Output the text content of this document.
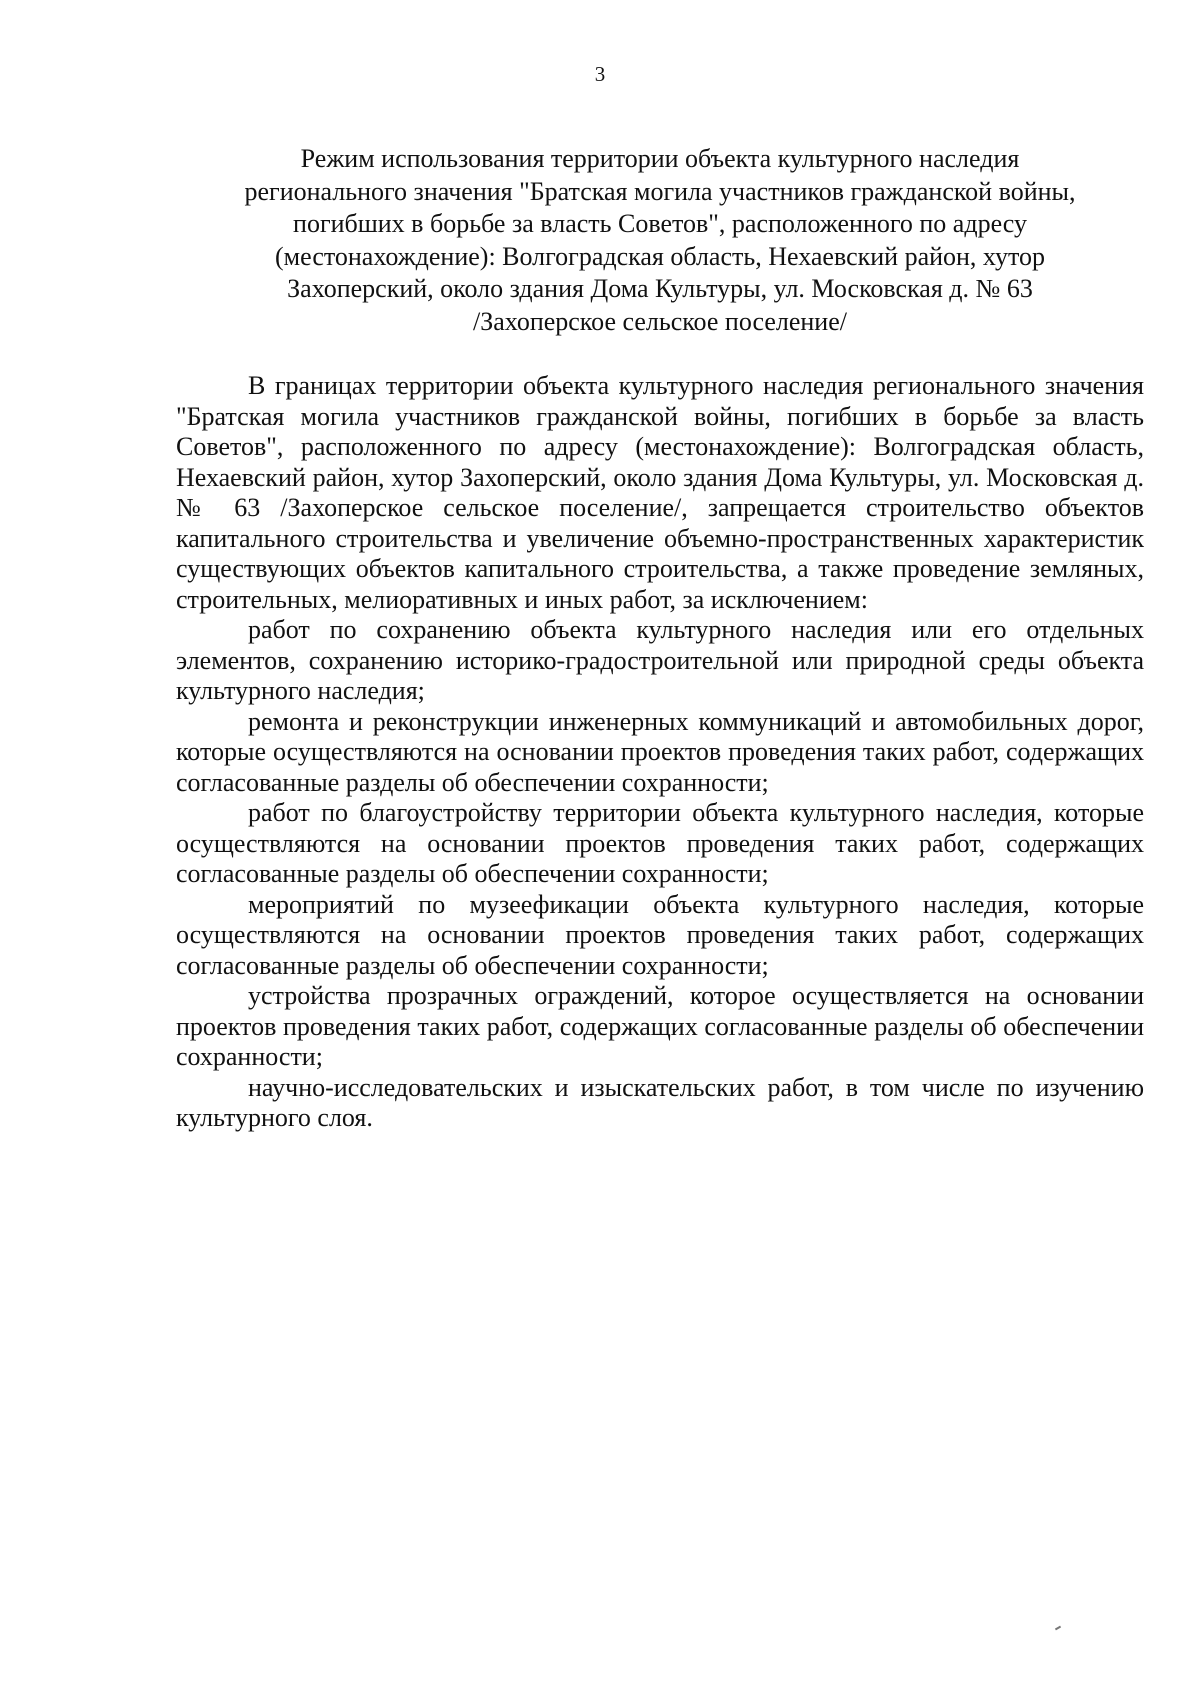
3
Режим использования территории объекта культурного наследия
регионального значения "Братская могила участников гражданской войны,
погибших в борьбе за власть Советов", расположенного по адресу
(местонахождение): Волгоградская область, Нехаевский район, хутор
Захоперский, около здания Дома Культуры, ул. Московская д. № 63
/Захоперское сельское поселение/

В границах территории объекта культурного наследия регионального значения "Братская могила участников гражданской войны, погибших в борьбе за власть Советов", расположенного по адресу (местонахождение): Волгоградская область, Нехаевский район, хутор Захоперский, около здания Дома Культуры, ул. Московская д. № 63 /Захоперское сельское поселение/, запрещается строительство объектов капитального строительства и увеличение объемно-пространственных характеристик существующих объектов капитального строительства, а также проведение земляных, строительных, мелиоративных и иных работ, за исключением:

работ по сохранению объекта культурного наследия или его отдельных элементов, сохранению историко-градостроительной или природной среды объекта культурного наследия;

ремонта и реконструкции инженерных коммуникаций и автомобильных дорог, которые осуществляются на основании проектов проведения таких работ, содержащих согласованные разделы об обеспечении сохранности;

работ по благоустройству территории объекта культурного наследия, которые осуществляются на основании проектов проведения таких работ, содержащих согласованные разделы об обеспечении сохранности;

мероприятий по музеефикации объекта культурного наследия, которые осуществляются на основании проектов проведения таких работ, содержащих согласованные разделы об обеспечении сохранности;

устройства прозрачных ограждений, которое осуществляется на основании проектов проведения таких работ, содержащих согласованные разделы об обеспечении сохранности;

научно-исследовательских и изыскательских работ, в том числе по изучению культурного слоя.
